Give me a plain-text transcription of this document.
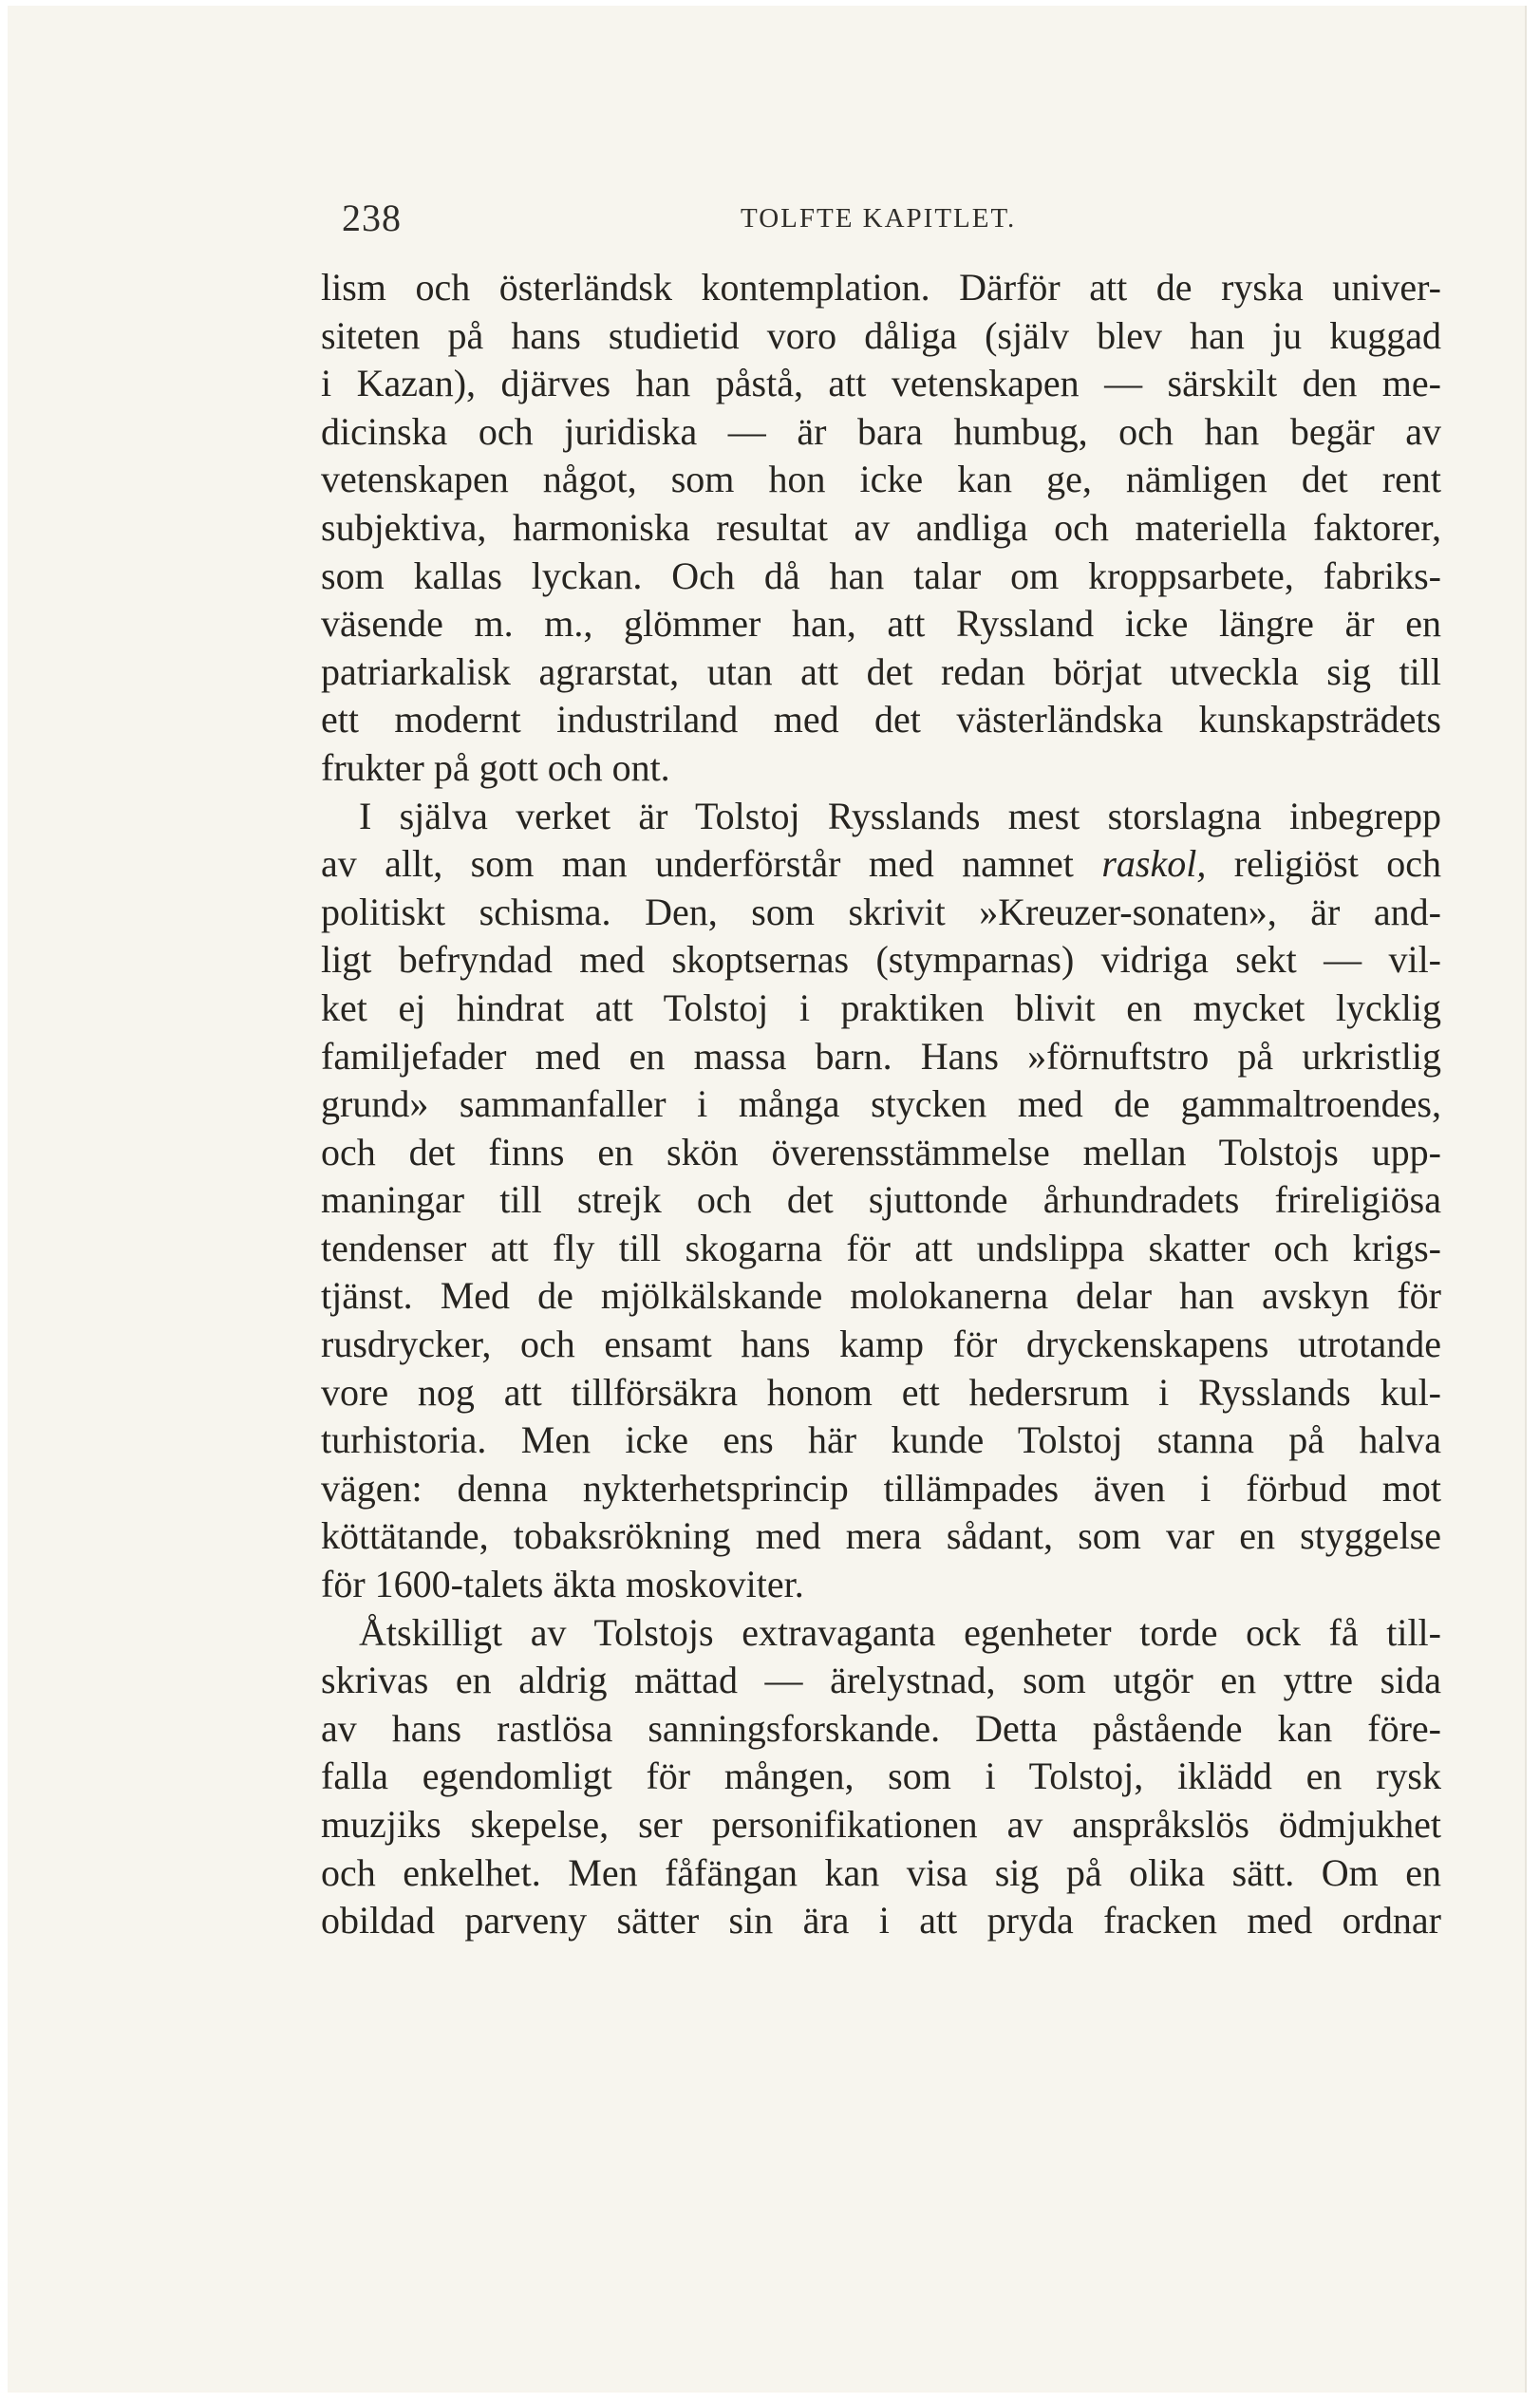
238	TOLFTE KAPITLET.
lism och österländsk kontemplation. Därför att de ryska univer-
siteten på hans studietid voro dåliga (själv blev han ju kuggad
i Kazan), djärves han påstå, att vetenskapen — särskilt den me-
dicinska och juridiska — är bara humbug, och han begär av
vetenskapen något, som hon icke kan ge, nämligen det rent
subjektiva, harmoniska resultat av andliga och materiella faktorer,
som kallas lyckan. Och då han talar om kroppsarbete, fabriks-
väsende m. m., glömmer han, att Ryssland icke längre är en
patriarkalisk agrarstat, utan att det redan börjat utveckla sig till
ett modernt industriland med det västerländska kunskapsträdets
frukter på gott och ont.
I själva verket är Tolstoj Rysslands mest storslagna inbegrepp
av allt, som man underförstår med namnet raskol, religiöst och
politiskt schisma. Den, som skrivit »Kreuzer-sonaten», är and-
ligt befryndad med skoptsernas (stymparnas) vidriga sekt — vil-
ket ej hindrat att Tolstoj i praktiken blivit en mycket lycklig
familjefader med en massa barn. Hans »förnuftstro på urkristlig
grund» sammanfaller i många stycken med de gammaltroendes,
och det finns en skön överensstämmelse mellan Tolstojs upp-
maningar till strejk och det sjuttonde århundradets frireligiösa
tendenser att fly till skogarna för att undslippa skatter och krigs-
tjänst. Med de mjölkälskande molokanerna delar han avskyn för
rusdrycker, och ensamt hans kamp för dryckenskapens utrotande
vore nog att tillförsäkra honom ett hedersrum i Rysslands kul-
turhistoria. Men icke ens här kunde Tolstoj stanna på halva
vägen: denna nykterhetsprincip tillämpades även i förbud mot
köttätande, tobaksrökning med mera sådant, som var en styggelse
för 1600-talets äkta moskoviter.
Åtskilligt av Tolstojs extravaganta egenheter torde ock få till-
skrivas en aldrig mättad — ärelystnad, som utgör en yttre sida
av hans rastlösa sanningsforskande. Detta påstående kan före-
falla egendomligt för mången, som i Tolstoj, iklädd en rysk
muzjiks skepelse, ser personifikationen av anspråkslös ödmjukhet
och enkelhet. Men fåfängan kan visa sig på olika sätt. Om en
obildad parveny sätter sin ära i att pryda fracken med ordnar
